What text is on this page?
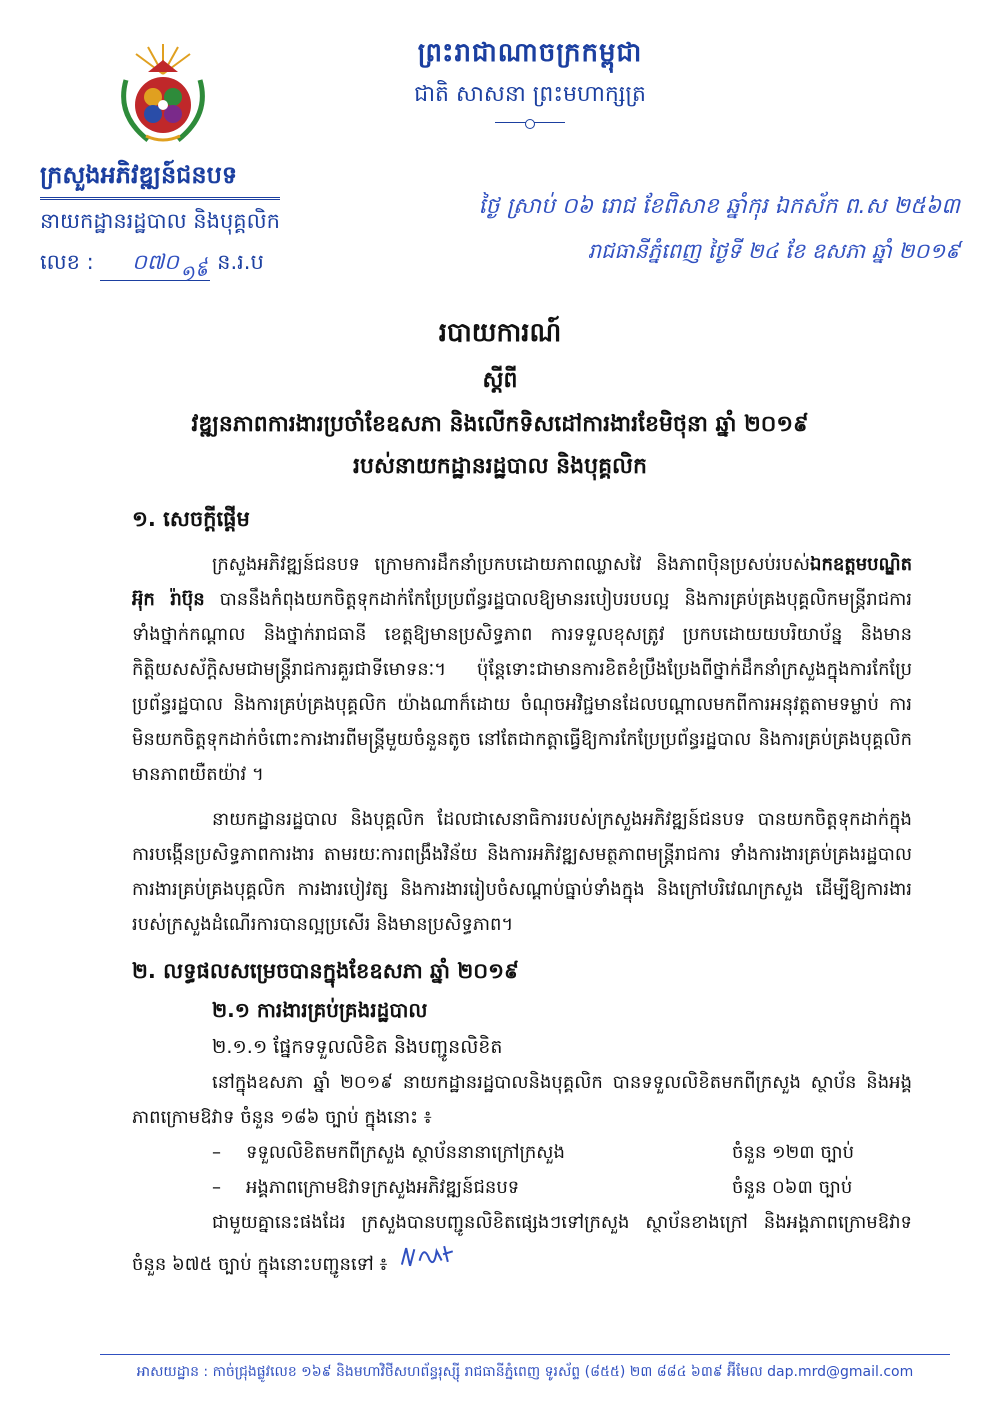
ព្រះរាជាណាចក្រកម្ពុជា
ជាតិ សាសនា ព្រះមហាក្សត្រ
ក្រសួងអភិវឌ្ឍន៍ជនបទ
នាយកដ្ឋានរដ្ឋបាល និងបុគ្គលិក
លេខ : ០៧០ ន.រ.ប
១៩
ថ្ងៃ ស្រាប់ ០៦ រោជ ខែពិសាខ ឆ្នាំកុរ ឯកស័ក ព.ស ២៥៦៣
រាជធានីភ្នំពេញ ថ្ងៃទី ២៤ ខែ ឧសភា ឆ្នាំ ២០១៩
របាយការណ៍
ស្តីពី
វឌ្ឍនភាពការងារប្រចាំខែឧសភា និងលើកទិសដៅការងារខែមិថុនា ឆ្នាំ ២០១៩
របស់នាយកដ្ឋានរដ្ឋបាល និងបុគ្គលិក
១. សេចក្តីផ្តើម

ក្រសួងអភិវឌ្ឍន៍ជនបទ ក្រោមការដឹកនាំប្រកបដោយភាពឈ្លាសវៃ និងភាពប៉ិនប្រសប់របស់ឯកឧត្តមបណ្ឌិត អ៊ុក រ៉ាប៊ុន បាននឹងកំពុងយកចិត្តទុកដាក់កែប្រែប្រព័ន្ធរដ្ឋបាលឱ្យមានរបៀបរបបល្អ និងការគ្រប់គ្រងបុគ្គលិកមន្ត្រីរាជការទាំងថ្នាក់កណ្តាល និងថ្នាក់រាជធានី ខេត្តឱ្យមានប្រសិទ្ធភាព ការទទួលខុសត្រូវ ប្រកបដោយយបរិយាប័ន្ន និងមានកិត្តិយសស័ក្តិសមជាមន្ត្រីរាជការគួរជាទីមោទនៈ។ ប៉ុន្តែទោះជាមានការខិតខំប្រឹងប្រែងពីថ្នាក់ដឹកនាំក្រសួងក្នុងការកែប្រែប្រព័ន្ធរដ្ឋបាល និងការគ្រប់គ្រងបុគ្គលិក យ៉ាងណាក៏ដោយ ចំណុចអវិជ្ជមានដែលបណ្តាលមកពីការអនុវត្តតាមទម្លាប់ ការមិនយកចិត្តទុកដាក់ចំពោះការងារពីមន្ត្រីមួយចំនួនតូច នៅតែជាកត្តាធ្វើឱ្យការកែប្រែប្រព័ន្ធរដ្ឋបាល និងការគ្រប់គ្រងបុគ្គលិក មានភាពយឺតយ៉ាវ ។

នាយកដ្ឋានរដ្ឋបាល និងបុគ្គលិក ដែលជាសេនាធិការរបស់ក្រសួងអភិវឌ្ឍន៍ជនបទ បានយកចិត្តទុកដាក់ក្នុងការបង្កើនប្រសិទ្ធភាពការងារ តាមរយៈការពង្រឹងវិន័យ និងការអភិវឌ្ឍសមត្ថភាពមន្ត្រីរាជការ ទាំងការងារគ្រប់គ្រងរដ្ឋបាល ការងារគ្រប់គ្រងបុគ្គលិក ការងារបៀវត្ស និងការងាររៀបចំសណ្តាប់ធ្នាប់ទាំងក្នុង និងក្រៅបរិវេណក្រសួង ដើម្បីឱ្យការងាររបស់ក្រសួងដំណើរការបានល្អប្រសើរ និងមានប្រសិទ្ធភាព។

២. លទ្ធផលសម្រេចបានក្នុងខែឧសភា ឆ្នាំ ២០១៩
២.១ ការងារគ្រប់គ្រងរដ្ឋបាល
២.១.១ ផ្នែកទទួលលិខិត និងបញ្ជូនលិខិត

នៅក្នុងឧសភា ឆ្នាំ ២០១៩ នាយកដ្ឋានរដ្ឋបាលនិងបុគ្គលិក បានទទួលលិខិតមកពីក្រសួង ស្ថាប័ន និងអង្គភាពក្រោមឱវាទ ចំនួន ១៨៦ ច្បាប់ ក្នុងនោះ ៖

–	ទទួលលិខិតមកពីក្រសួង ស្ថាប័ននានាក្រៅក្រសួង	ចំនួន ១២៣ ច្បាប់
–	អង្គភាពក្រោមឱវាទក្រសួងអភិវឌ្ឍន៍ជនបទ	ចំនួន ០៦៣ ច្បាប់

ជាមួយគ្នានេះផងដែរ ក្រសួងបានបញ្ជូនលិខិតផ្សេងៗទៅក្រសួង ស្ថាប័នខាងក្រៅ និងអង្គភាពក្រោមឱវាទ ចំនួន ៦៧៥ ច្បាប់ ក្នុងនោះបញ្ជូនទៅ ៖

អាសយដ្ឋាន : កាច់ជ្រុងផ្លូវលេខ ១៦៩ និងមហាវិថីសហព័ន្ធរុស្ស៊ី រាជធានីភ្នំពេញ ទូរស័ព្ទ (៨៥៥) ២៣ ៨៨៤ ៦៣៩ អ៊ីមែល dap.mrd@gmail.com
